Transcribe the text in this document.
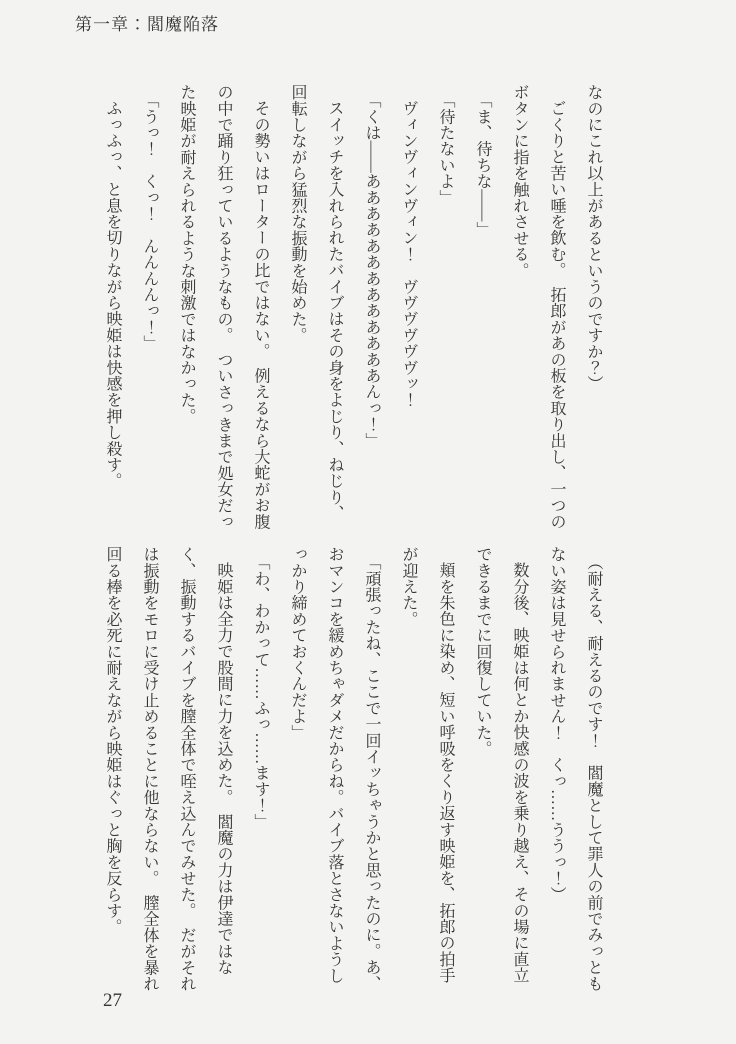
第一章：閻魔陥落

なのにこれ以上があるというのですか？）

ごくりと苦い唾を飲む。　拓郎があの板を取り出し、一つの

ボタンに指を触れさせる。

「ま、待ちな――」

「待たないよ」

ヴィンヴィンヴィン！　ヴヴヴヴヴヴッ！

「くは――あああああああああああああんっ！」

スイッチを入れられたバイブはその身をよじり、ねじり、

回転しながら猛烈な振動を始めた。

その勢いはローターの比ではない。　例えるなら大蛇がお腹

の中で踊り狂っているようなもの。　ついさっきまで処女だっ

た映姫が耐えられるような刺激ではなかった。

「うっ！　くっ！　んんんんっ！」

ふっふっ、と息を切りながら映姫は快感を押し殺す。

（耐える、耐えるのです！　閻魔として罪人の前でみっとも

ない姿は見せられません！　くっ……ううっ！）

数分後、映姫は何とか快感の波を乗り越え、その場に直立

できるまでに回復していた。

頬を朱色に染め、短い呼吸をくり返す映姫を、拓郎の拍手

が迎えた。

「頑張ったね、ここで一回イッちゃうかと思ったのに。あ、

おマンコを緩めちゃダメだからね。バイブ落とさないようし

っかり締めておくんだよ」

「わ、わかって……ふっ……ます！」

映姫は全力で股間に力を込めた。　閻魔の力は伊達ではな

く、振動するバイブを膣全体で咥え込んでみせた。　だがそれ

は振動をモロに受け止めることに他ならない。　膣全体を暴れ

回る棒を必死に耐えながら映姫はぐっと胸を反らす。

27
